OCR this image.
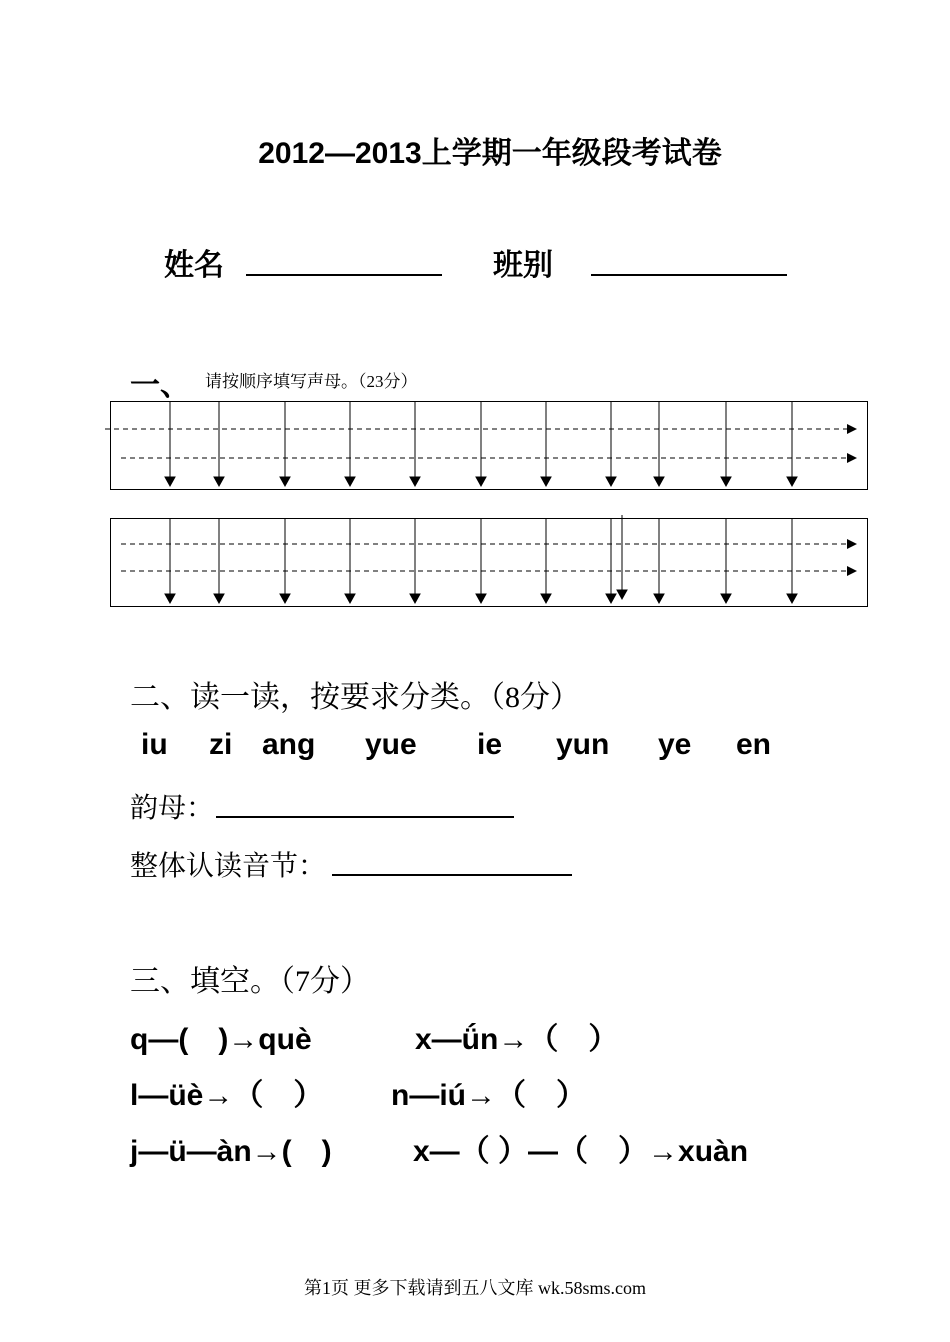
2012—2013上学期一年级段考试卷
姓名	班别
一、 请按顺序填写声母。（23分）
二、读一读，按要求分类。（8分）
iu zi ang yue ie yun ye en
韵母：
整体认读音节：
三、填空。（7分）
q—(　)→què	x—ǘn→（　）
l—üè→（　） n—iú→（　）
j—ü—àn→(　)	x—（ ）—（　）→xuàn
第1页 更多下载请到五八文库 wk.58sms.com
